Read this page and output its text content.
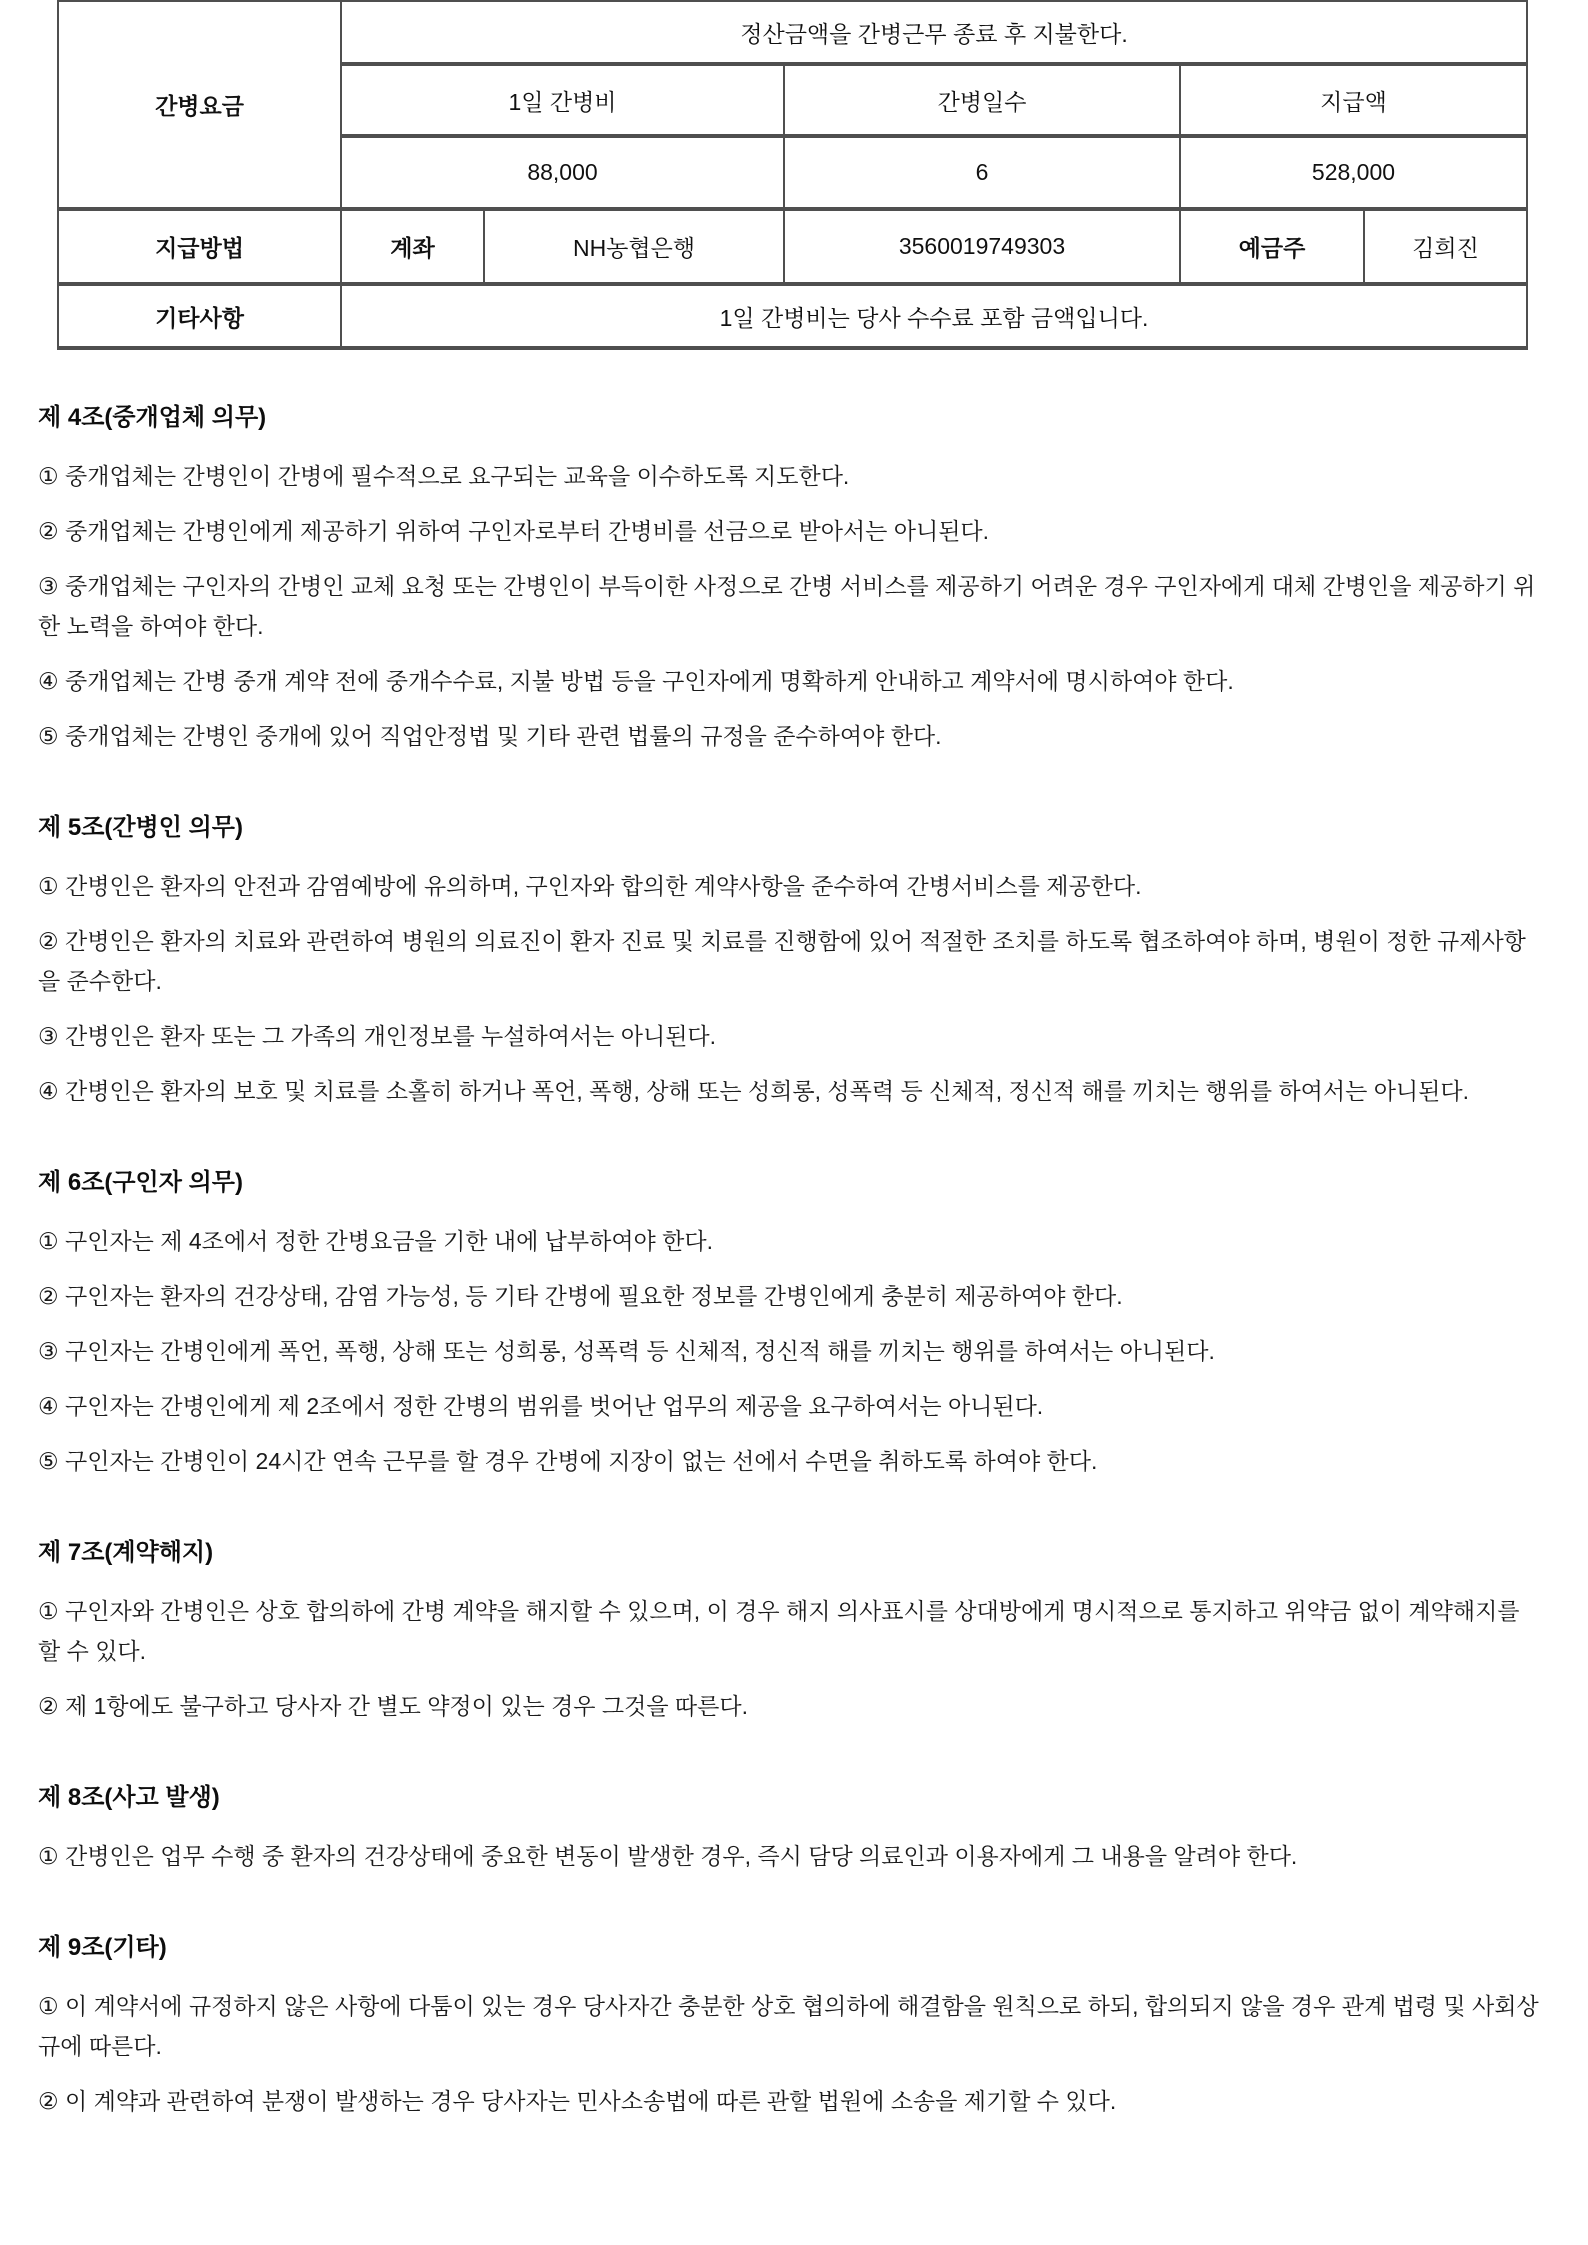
간병요금	정산금액을 간병근무 종료 후 지불한다.				
	1일 간병비		간병일수	지급액	
	88,000		6	528,000	
지급방법	계좌	NH농협은행	3560019749303	예금주	김희진
기타사항	1일 간병비는 당사 수수료 포함 금액입니다.				
제 4조(중개업체 의무)

① 중개업체는 간병인이 간병에 필수적으로 요구되는 교육을 이수하도록 지도한다.

② 중개업체는 간병인에게 제공하기 위하여 구인자로부터 간병비를 선금으로 받아서는 아니된다.

③ 중개업체는 구인자의 간병인 교체 요청 또는 간병인이 부득이한 사정으로 간병 서비스를 제공하기 어려운 경우 구인자에게 대체 간병인을 제공하기 위한 노력을 하여야 한다.

④ 중개업체는 간병 중개 계약 전에 중개수수료, 지불 방법 등을 구인자에게 명확하게 안내하고 계약서에 명시하여야 한다.

⑤ 중개업체는 간병인 중개에 있어 직업안정법 및 기타 관련 법률의 규정을 준수하여야 한다.

제 5조(간병인 의무)

① 간병인은 환자의 안전과 감염예방에 유의하며, 구인자와 합의한 계약사항을 준수하여 간병서비스를 제공한다.

② 간병인은 환자의 치료와 관련하여 병원의 의료진이 환자 진료 및 치료를 진행함에 있어 적절한 조치를 하도록 협조하여야 하며, 병원이 정한 규제사항을 준수한다.

③ 간병인은 환자 또는 그 가족의 개인정보를 누설하여서는 아니된다.

④ 간병인은 환자의 보호 및 치료를 소홀히 하거나 폭언, 폭행, 상해 또는 성희롱, 성폭력 등 신체적, 정신적 해를 끼치는 행위를 하여서는 아니된다.

제 6조(구인자 의무)

① 구인자는 제 4조에서 정한 간병요금을 기한 내에 납부하여야 한다.

② 구인자는 환자의 건강상태, 감염 가능성, 등 기타 간병에 필요한 정보를 간병인에게 충분히 제공하여야 한다.

③ 구인자는 간병인에게 폭언, 폭행, 상해 또는 성희롱, 성폭력 등 신체적, 정신적 해를 끼치는 행위를 하여서는 아니된다.

④ 구인자는 간병인에게 제 2조에서 정한 간병의 범위를 벗어난 업무의 제공을 요구하여서는 아니된다.

⑤ 구인자는 간병인이 24시간 연속 근무를 할 경우 간병에 지장이 없는 선에서 수면을 취하도록 하여야 한다.

제 7조(계약해지)

① 구인자와 간병인은 상호 합의하에 간병 계약을 해지할 수 있으며, 이 경우 해지 의사표시를 상대방에게 명시적으로 통지하고 위약금 없이 계약해지를 할 수 있다.

② 제 1항에도 불구하고 당사자 간 별도 약정이 있는 경우 그것을 따른다.

제 8조(사고 발생)

① 간병인은 업무 수행 중 환자의 건강상태에 중요한 변동이 발생한 경우, 즉시 담당 의료인과 이용자에게 그 내용을 알려야 한다.

제 9조(기타)

① 이 계약서에 규정하지 않은 사항에 다툼이 있는 경우 당사자간 충분한 상호 협의하에 해결함을 원칙으로 하되, 합의되지 않을 경우 관계 법령 및 사회상규에 따른다.

② 이 계약과 관련하여 분쟁이 발생하는 경우 당사자는 민사소송법에 따른 관할 법원에 소송을 제기할 수 있다.
